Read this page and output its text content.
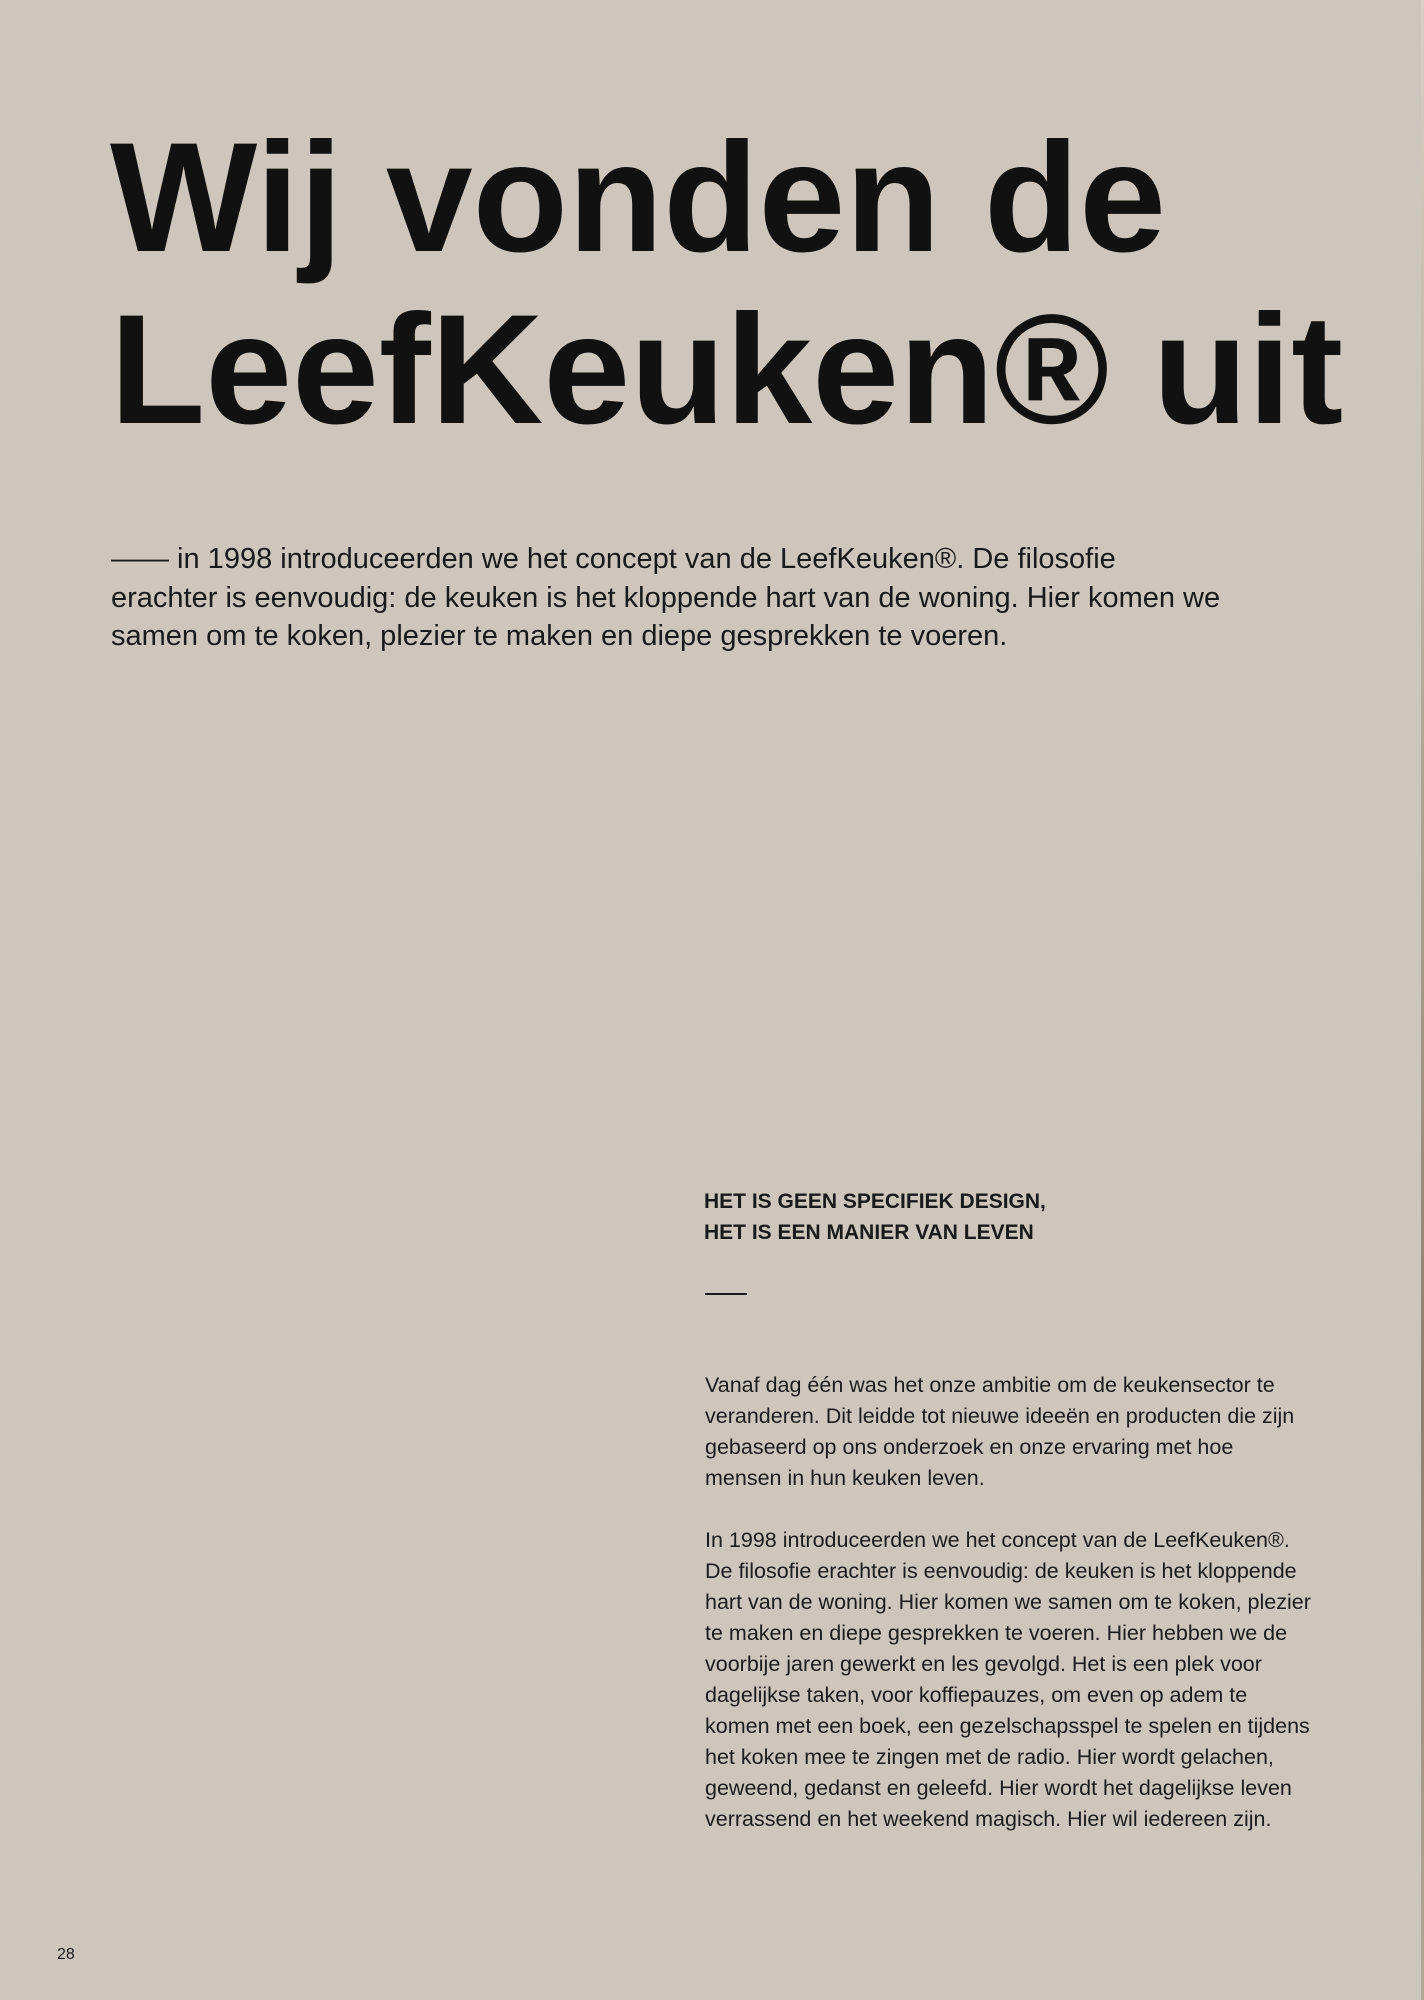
Wij vonden de
LeefKeuken® uit

—— in 1998 introduceerden we het concept van de LeefKeuken®. De filosofie erachter is eenvoudig: de keuken is het kloppende hart van de woning. Hier komen we samen om te koken, plezier te maken en diepe gesprekken te voeren.

HET IS GEEN SPECIFIEK DESIGN,
HET IS EEN MANIER VAN LEVEN

Vanaf dag één was het onze ambitie om de keukensector te veranderen. Dit leidde tot nieuwe ideeën en producten die zijn gebaseerd op ons onderzoek en onze ervaring met hoe mensen in hun keuken leven.

In 1998 introduceerden we het concept van de LeefKeuken®. De filosofie erachter is eenvoudig: de keuken is het kloppende hart van de woning. Hier komen we samen om te koken, plezier te maken en diepe gesprekken te voeren. Hier hebben we de voorbije jaren gewerkt en les gevolgd. Het is een plek voor dagelijkse taken, voor koffiepauzes, om even op adem te komen met een boek, een gezelschapsspel te spelen en tijdens het koken mee te zingen met de radio. Hier wordt gelachen, geweend, gedanst en geleefd. Hier wordt het dagelijkse leven verrassend en het weekend magisch. Hier wil iedereen zijn.

28
